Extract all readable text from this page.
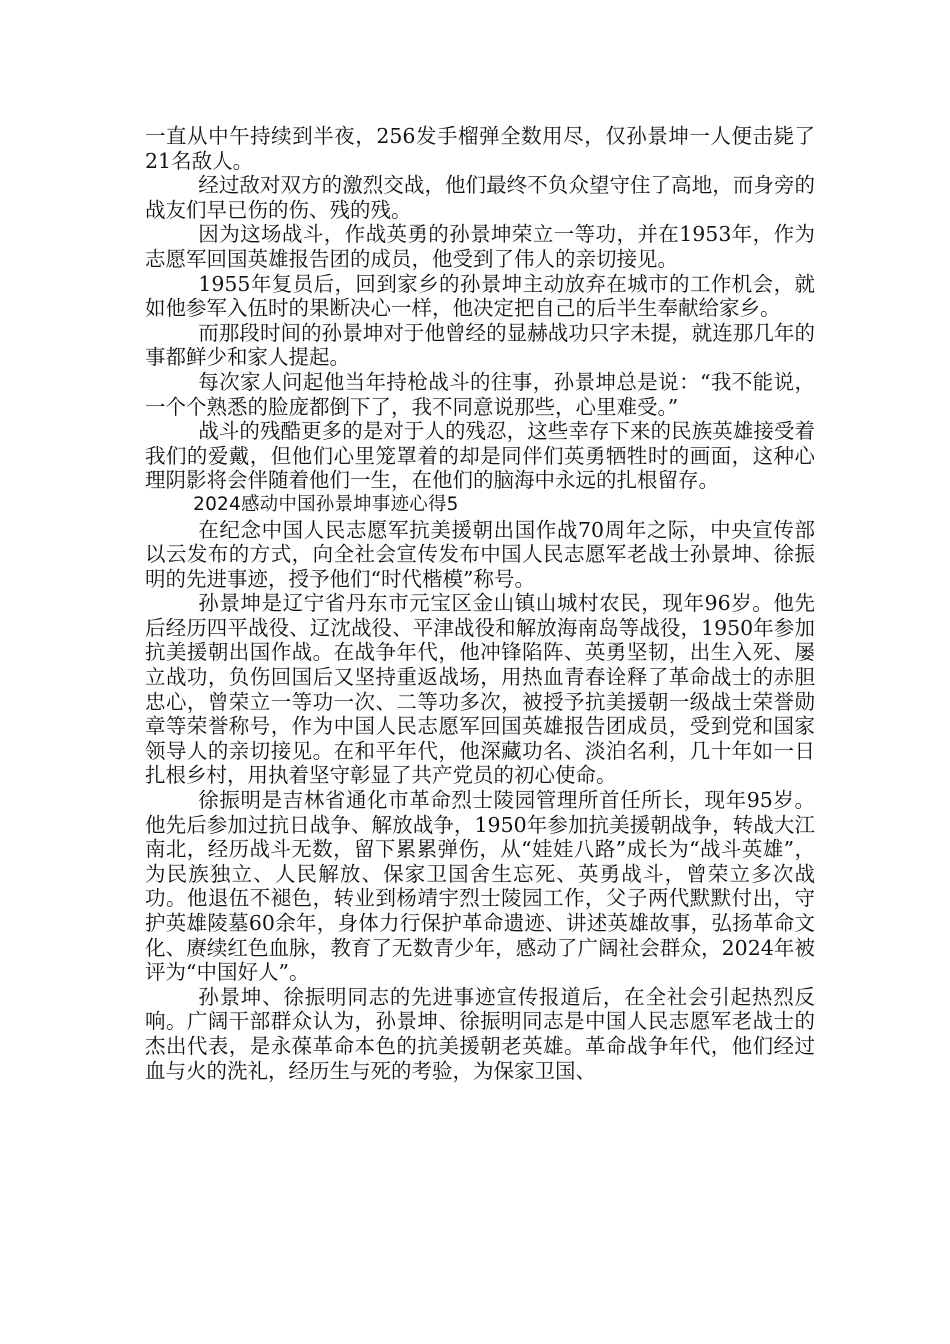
一直从中午持续到半夜，256发手榴弹全数用尽，仅孙景坤一人便击毙了21名敌人。

经过敌对双方的激烈交战，他们最终不负众望守住了高地，而身旁的战友们早已伤的伤、残的残。

因为这场战斗，作战英勇的孙景坤荣立一等功，并在1953年，作为志愿军回国英雄报告团的成员，他受到了伟人的亲切接见。

1955年复员后，回到家乡的孙景坤主动放弃在城市的工作机会，就如他参军入伍时的果断决心一样，他决定把自己的后半生奉献给家乡。

而那段时间的孙景坤对于他曾经的显赫战功只字未提，就连那几年的事都鲜少和家人提起。

每次家人问起他当年持枪战斗的往事，孙景坤总是说：“我不能说，一个个熟悉的脸庞都倒下了，我不同意说那些，心里难受。”

战斗的残酷更多的是对于人的残忍，这些幸存下来的民族英雄接受着我们的爱戴，但他们心里笼罩着的却是同伴们英勇牺牲时的画面，这种心理阴影将会伴随着他们一生，在他们的脑海中永远的扎根留存。

2024感动中国孙景坤事迹心得5

在纪念中国人民志愿军抗美援朝出国作战70周年之际，中央宣传部以云发布的方式，向全社会宣传发布中国人民志愿军老战士孙景坤、徐振明的先进事迹，授予他们“时代楷模”称号。

孙景坤是辽宁省丹东市元宝区金山镇山城村农民，现年96岁。他先后经历四平战役、辽沈战役、平津战役和解放海南岛等战役，1950年参加抗美援朝出国作战。在战争年代，他冲锋陷阵、英勇坚韧，出生入死、屡立战功，负伤回国后又坚持重返战场，用热血青春诠释了革命战士的赤胆忠心，曾荣立一等功一次、二等功多次，被授予抗美援朝一级战士荣誉勋章等荣誉称号，作为中国人民志愿军回国英雄报告团成员，受到党和国家领导人的亲切接见。在和平年代，他深藏功名、淡泊名利，几十年如一日扎根乡村，用执着坚守彰显了共产党员的初心使命。

徐振明是吉林省通化市革命烈士陵园管理所首任所长，现年95岁。他先后参加过抗日战争、解放战争，1950年参加抗美援朝战争，转战大江南北，经历战斗无数，留下累累弹伤，从“娃娃八路”成长为“战斗英雄”，为民族独立、人民解放、保家卫国舍生忘死、英勇战斗，曾荣立多次战功。他退伍不褪色，转业到杨靖宇烈士陵园工作，父子两代默默付出，守护英雄陵墓60余年，身体力行保护革命遗迹、讲述英雄故事，弘扬革命文化、赓续红色血脉，教育了无数青少年，感动了广阔社会群众，2024年被评为“中国好人”。

孙景坤、徐振明同志的先进事迹宣传报道后，在全社会引起热烈反响。广阔干部群众认为，孙景坤、徐振明同志是中国人民志愿军老战士的杰出代表，是永葆革命本色的抗美援朝老英雄。革命战争年代，他们经过血与火的洗礼，经历生与死的考验，为保家卫国、
